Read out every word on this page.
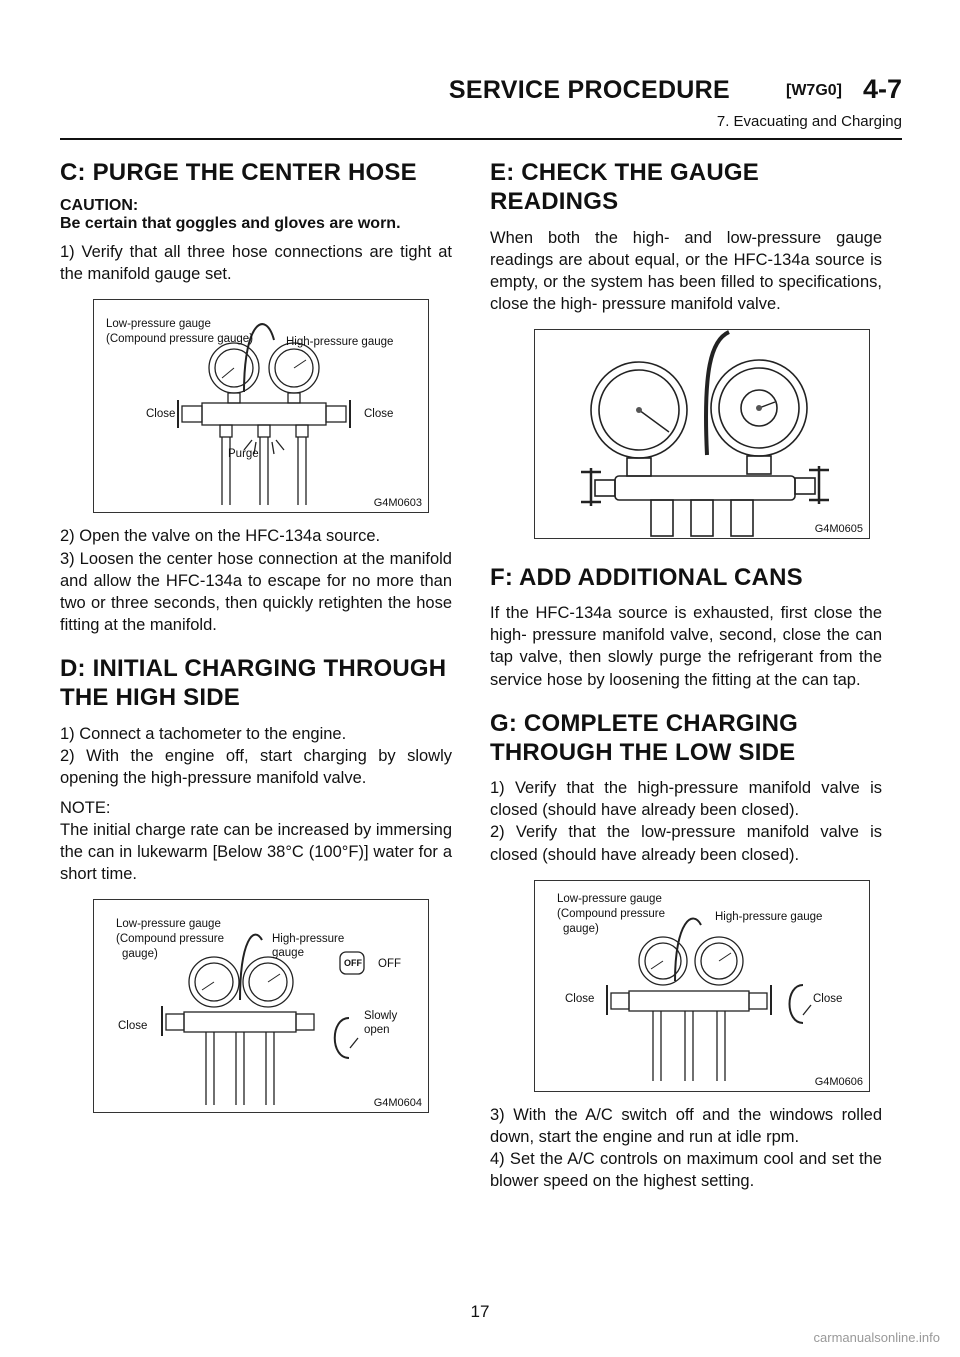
SERVICE PROCEDURE	[W7G0] 4-7
7. Evacuating and Charging
C: PURGE THE CENTER HOSE
CAUTION:
Be certain that goggles and gloves are worn.

1) Verify that all three hose connections are tight at the manifold gauge set.

Low-pressure gauge
(Compound pressure gauge)	High-pressure gauge
Close	Close
Purge
G4M0603

2) Open the valve on the HFC-134a source.

3) Loosen the center hose connection at the manifold and allow the HFC-134a to escape for no more than two or three seconds, then quickly retighten the hose fitting at the manifold.

D: INITIAL CHARGING THROUGH
THE HIGH SIDE

1) Connect a tachometer to the engine.

2) With the engine off, start charging by slowly opening the high-pressure manifold valve.

NOTE:

The initial charge rate can be increased by immersing the can in lukewarm [Below 38°C (100°F)] water for a short time.

Low-pressure gauge
(Compound pressure
gauge)
High-pressure
gauge
OFF OFF
Slowly
open
Close
G4M0604
E: CHECK THE GAUGE READINGS

When both the high- and low-pressure gauge readings are about equal, or the HFC-134a source is empty, or the system has been filled to specifications, close the high- pressure manifold valve.

G4M0605
F: ADD ADDITIONAL CANS

If the HFC-134a source is exhausted, first close the high- pressure manifold valve, second, close the can tap valve, then slowly purge the refrigerant from the service hose by loosening the fitting at the can tap.

G: COMPLETE CHARGING
THROUGH THE LOW SIDE

1) Verify that the high-pressure manifold valve is closed (should have already been closed).

2) Verify that the low-pressure manifold valve is closed (should have already been closed).

Low-pressure gauge
(Compound pressure
gauge)
High-pressure gauge
Close	Close
G4M0606

3) With the A/C switch off and the windows rolled down, start the engine and run at idle rpm.

4) Set the A/C controls on maximum cool and set the blower speed on the highest setting.

17
carmanualsonline.info
